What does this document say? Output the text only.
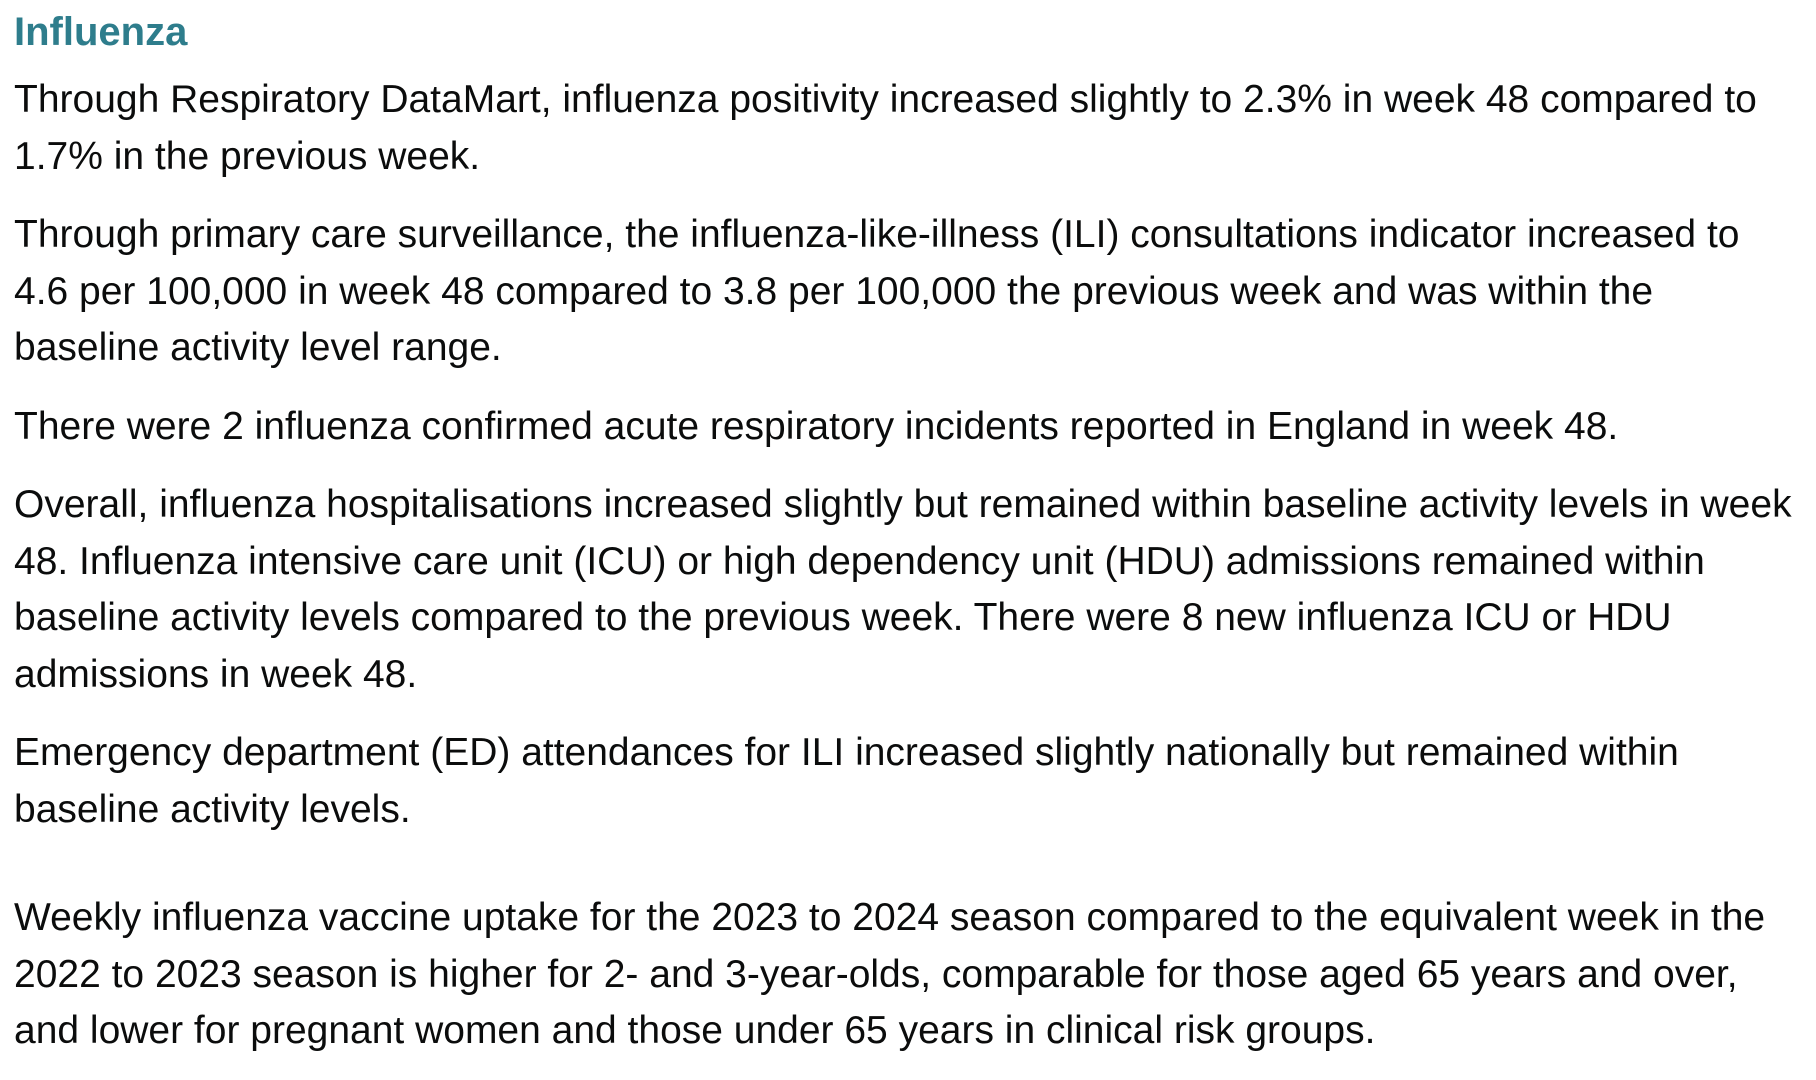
Influenza

Through Respiratory DataMart, influenza positivity increased slightly to 2.3% in week 48 compared to 1.7% in the previous week.

Through primary care surveillance, the influenza-like-illness (ILI) consultations indicator increased to 4.6 per 100,000 in week 48 compared to 3.8 per 100,000 the previous week and was within the baseline activity level range.

There were 2 influenza confirmed acute respiratory incidents reported in England in week 48.

Overall, influenza hospitalisations increased slightly but remained within baseline activity levels in week 48. Influenza intensive care unit (ICU) or high dependency unit (HDU) admissions remained within baseline activity levels compared to the previous week. There were 8 new influenza ICU or HDU admissions in week 48.

Emergency department (ED) attendances for ILI increased slightly nationally but remained within baseline activity levels.

Weekly influenza vaccine uptake for the 2023 to 2024 season compared to the equivalent week in the 2022 to 2023 season is higher for 2- and 3-year-olds, comparable for those aged 65 years and over, and lower for pregnant women and those under 65 years in clinical risk groups.
